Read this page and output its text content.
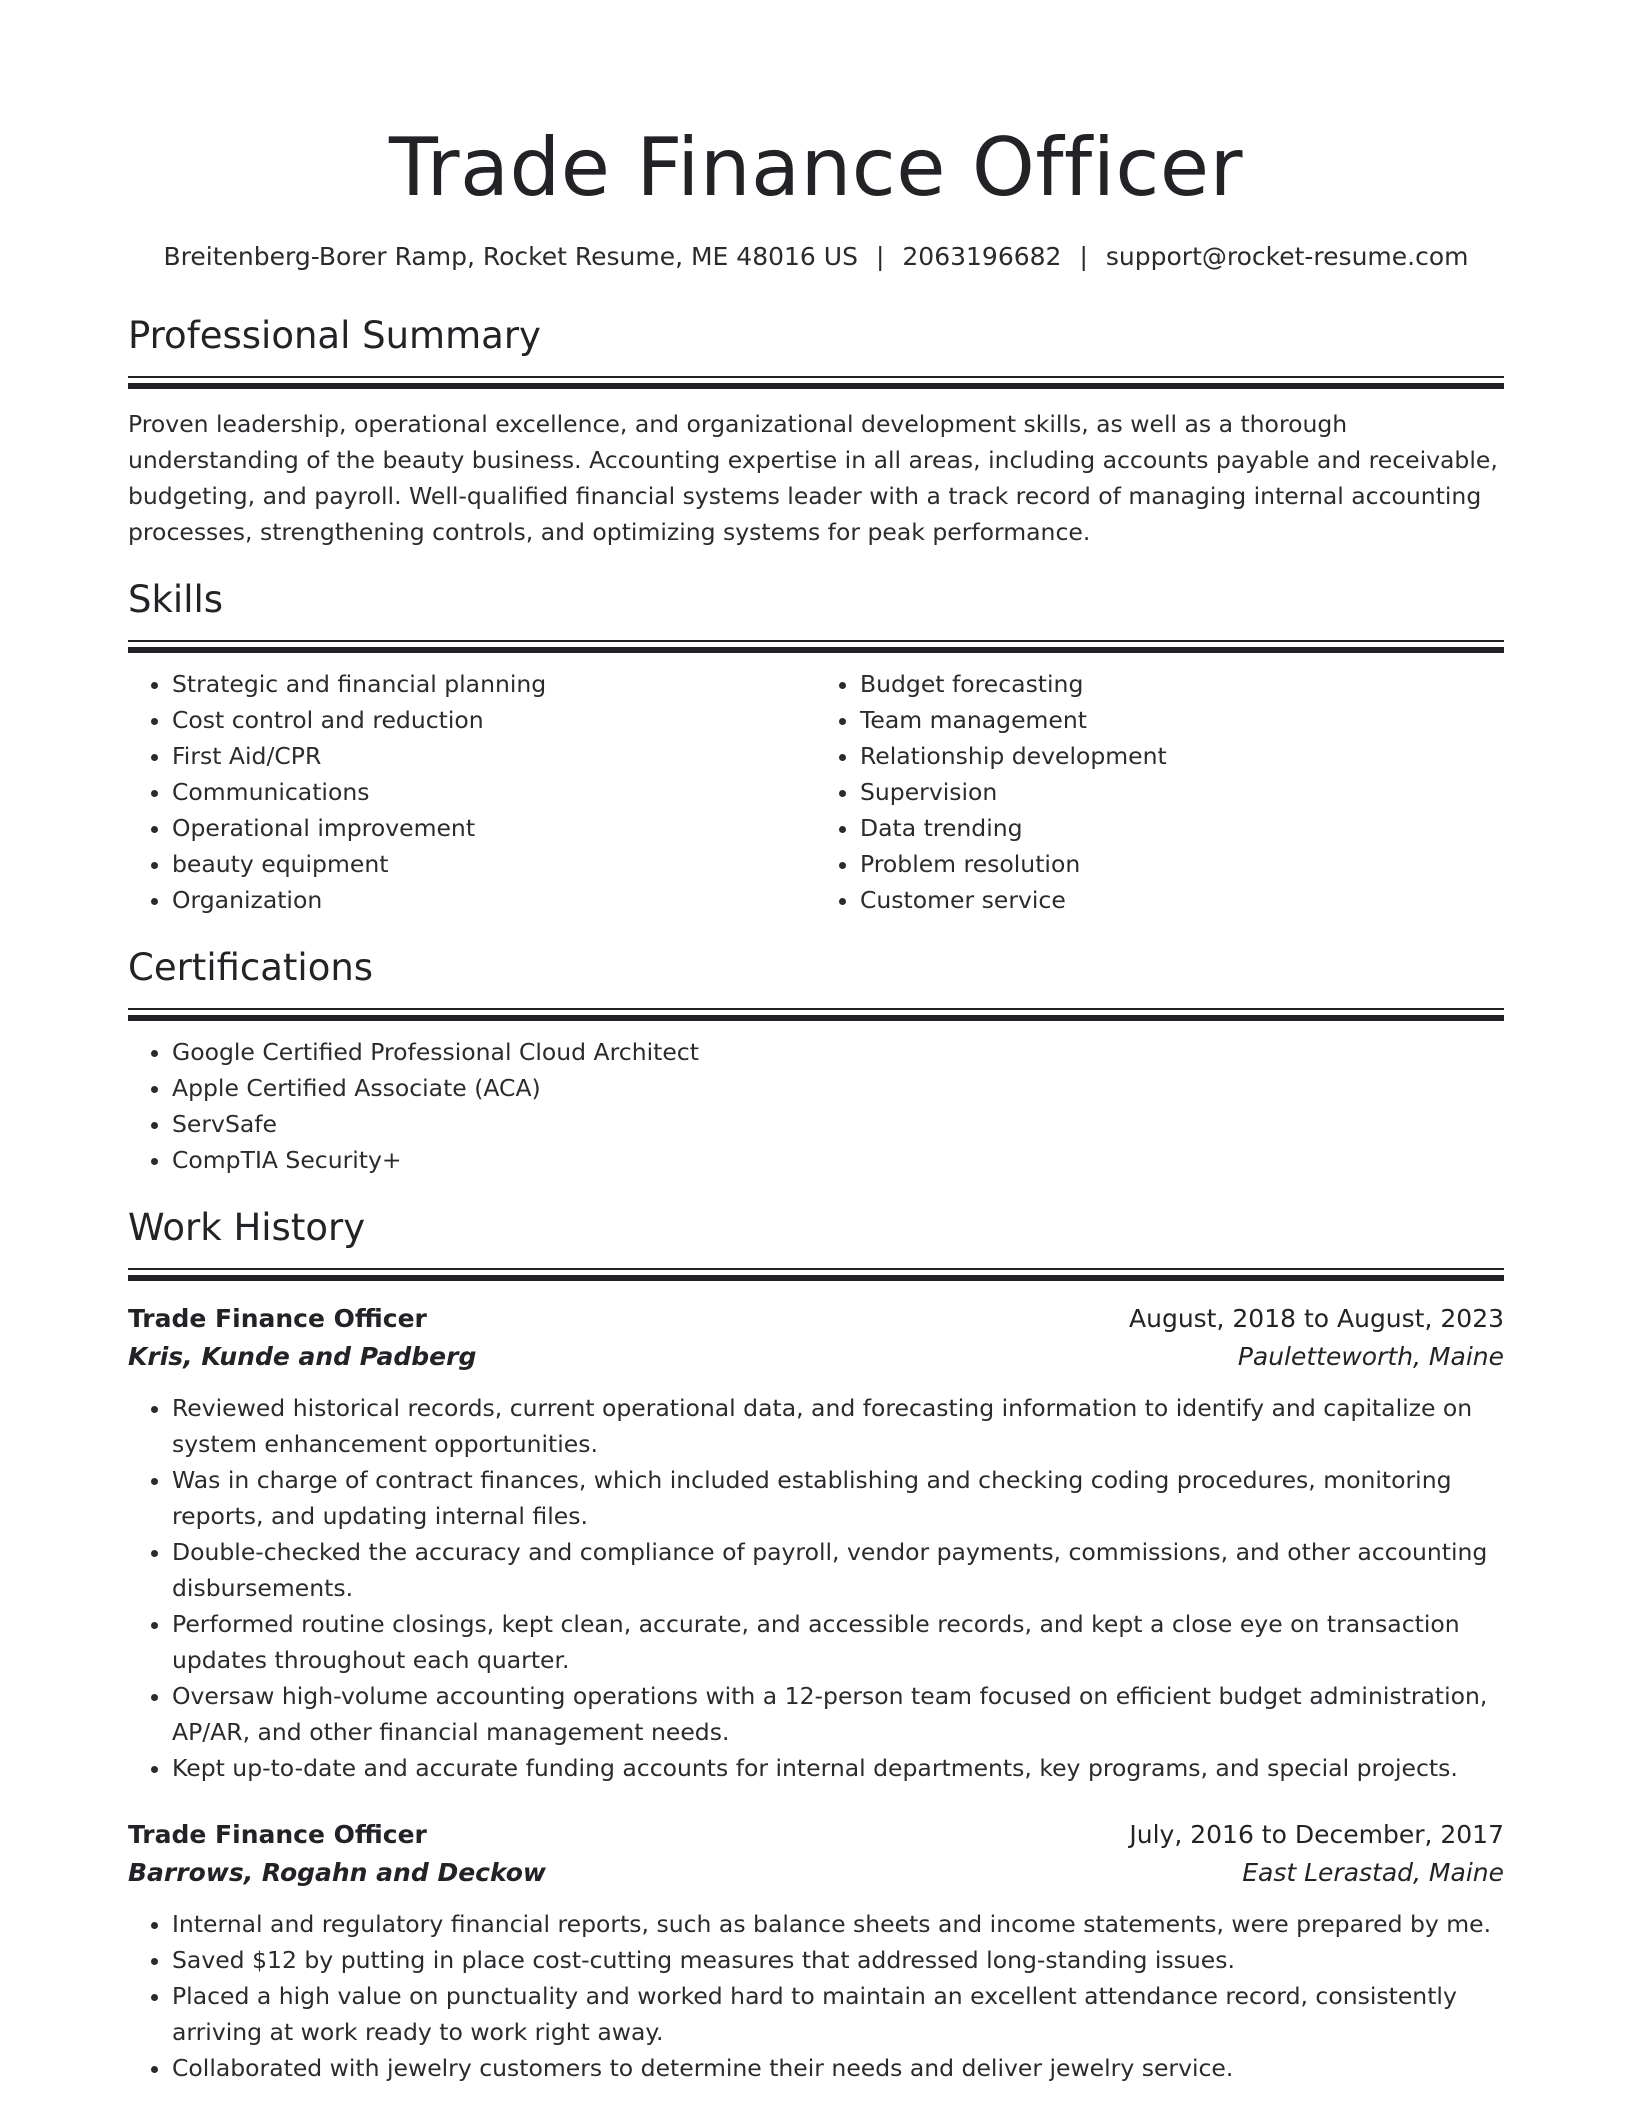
Trade Finance Officer
Breitenberg-Borer Ramp, Rocket Resume, ME 48016 US | 2063196682 | support@rocket-resume.com
Professional Summary

Proven leadership, operational excellence, and organizational development skills, as well as a thorough understanding of the beauty business. Accounting expertise in all areas, including accounts payable and receivable, budgeting, and payroll. Well-qualified financial systems leader with a track record of managing internal accounting processes, strengthening controls, and optimizing systems for peak performance.

Skills
• Strategic and financial planning
• Cost control and reduction
• First Aid/CPR
• Communications
• Operational improvement
• beauty equipment
• Organization
• Budget forecasting
• Team management
• Relationship development
• Supervision
• Data trending
• Problem resolution
• Customer service
Certifications
• Google Certified Professional Cloud Architect
• Apple Certified Associate (ACA)
• ServSafe
• CompTIA Security+
Work History
Trade Finance Officer	August, 2018 to August, 2023
Kris, Kunde and Padberg	Pauletteworth, Maine
• Reviewed historical records, current operational data, and forecasting information to identify and capitalize on system enhancement opportunities.
• Was in charge of contract finances, which included establishing and checking coding procedures, monitoring reports, and updating internal files.
• Double-checked the accuracy and compliance of payroll, vendor payments, commissions, and other accounting disbursements.
• Performed routine closings, kept clean, accurate, and accessible records, and kept a close eye on transaction updates throughout each quarter.
• Oversaw high-volume accounting operations with a 12-person team focused on efficient budget administration, AP/AR, and other financial management needs.
• Kept up-to-date and accurate funding accounts for internal departments, key programs, and special projects.
Trade Finance Officer	July, 2016 to December, 2017
Barrows, Rogahn and Deckow	East Lerastad, Maine
• Internal and regulatory financial reports, such as balance sheets and income statements, were prepared by me.
• Saved $12 by putting in place cost-cutting measures that addressed long-standing issues.
• Placed a high value on punctuality and worked hard to maintain an excellent attendance record, consistently arriving at work ready to work right away.
• Collaborated with jewelry customers to determine their needs and deliver jewelry service.
